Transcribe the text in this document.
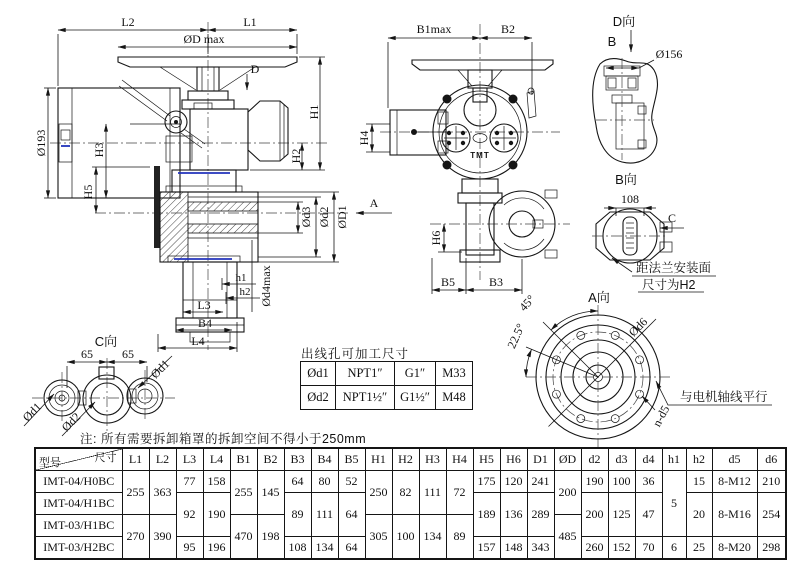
L2	L1
ØD max
D
Ø193	H3
H5
H1
H2
ØD1
Ød2
Ød3
A
Ød4max
h1
h2
L3
B4
L4
B1max	B2
TMT
H4
H6
B5	B3
D向
B
Ø156
B向
108
C
距法兰安装面
尺寸为H2
A向
45°
22.5°	Ød6
n-d5
与电机轴线平行
C向
65 65
Ød1 Ød2
Ød1
出线孔可加工尺寸
Ød1	NPT1″	G1″	M33
Ød2	NPT1½″	G1½″	M48
注: 所有需要拆卸箱罩的拆卸空间不得小于250mm
尺寸
型号	L1	L2	L3	L4	B1	B2	B3	B4	B5	H1	H2	H3	H4	H5	H6	D1	ØD	d2	d3	d4	h1	h2	d5	d6
IMT-04/H0BC	255	363	77	158	255	145	64	80	52	250	82	111	72	175	120	241	200	190	100	36	5	15	8-M12	210
IMT-04/H1BC			92	190			89	111	64					189	136	289		200	125	47		20	8-M16	254
IMT-03/H1BC	270	390			470	198				305	100	134	89				485							
IMT-03/H2BC			95	196			108	134	64					157	148	343		260	152	70	6	25	8-M20	298
